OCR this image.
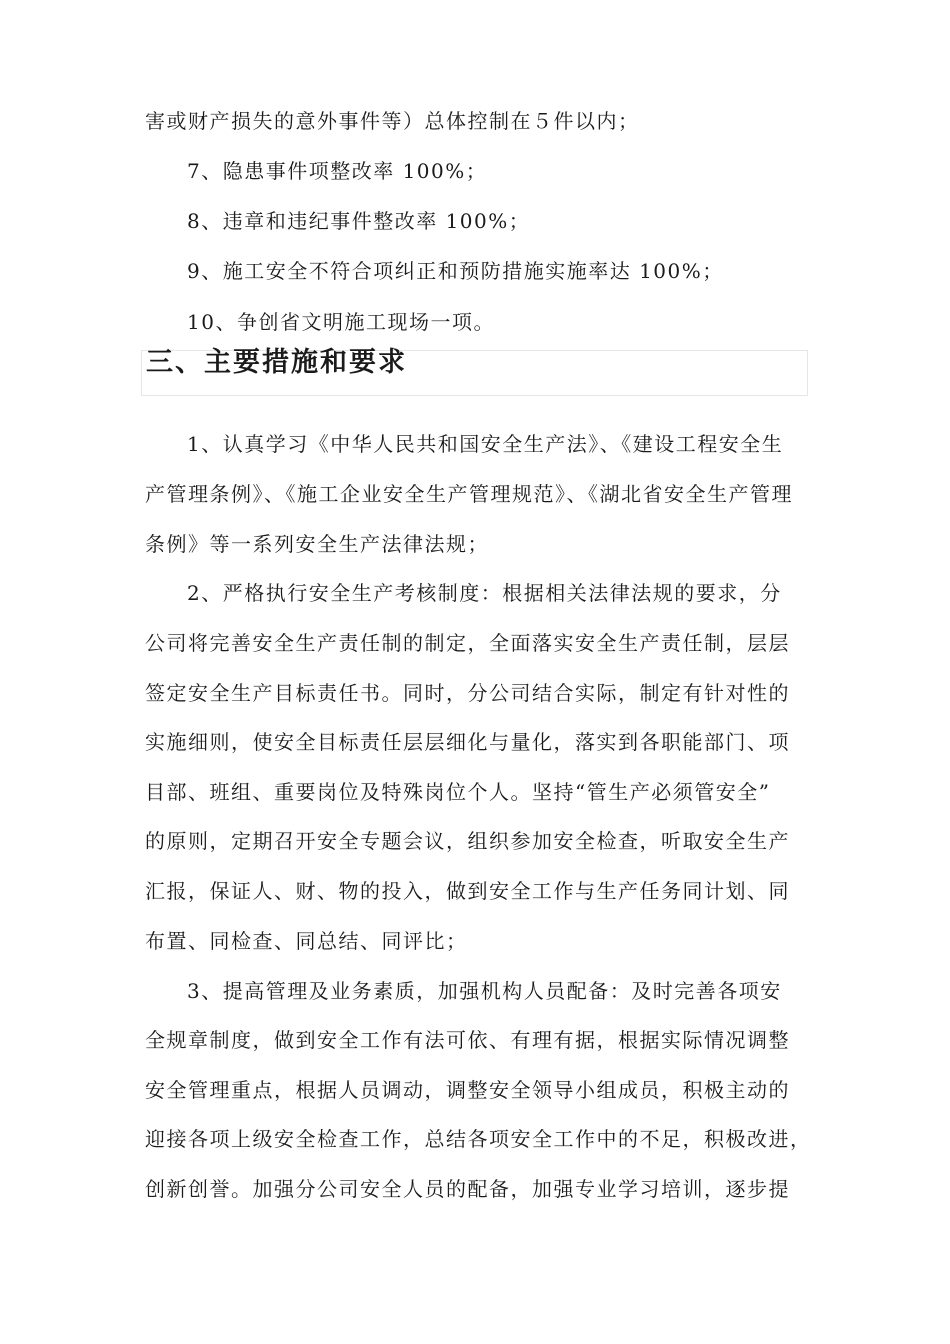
害或财产损失的意外事件等）总体控制在５件以内；
7、隐患事件项整改率 100%；
8、违章和违纪事件整改率 100%；
9、施工安全不符合项纠正和预防措施实施率达 100%；
10、争创省文明施工现场一项。
三、主要措施和要求
1、认真学习《中华人民共和国安全生产法》、《建设工程安全生
产管理条例》、《施工企业安全生产管理规范》、《湖北省安全生产管理
条例》等一系列安全生产法律法规；
2、严格执行安全生产考核制度：根据相关法律法规的要求，分
公司将完善安全生产责任制的制定，全面落实安全生产责任制，层层
签定安全生产目标责任书。同时，分公司结合实际，制定有针对性的
实施细则，使安全目标责任层层细化与量化，落实到各职能部门、项
目部、班组、重要岗位及特殊岗位个人。坚持“管生产必须管安全”
的原则，定期召开安全专题会议，组织参加安全检查，听取安全生产
汇报，保证人、财、物的投入，做到安全工作与生产任务同计划、同
布置、同检查、同总结、同评比；
3、提高管理及业务素质，加强机构人员配备：及时完善各项安
全规章制度，做到安全工作有法可依、有理有据，根据实际情况调整
安全管理重点，根据人员调动，调整安全领导小组成员，积极主动的
迎接各项上级安全检查工作，总结各项安全工作中的不足，积极改进，
创新创誉。加强分公司安全人员的配备，加强专业学习培训，逐步提
